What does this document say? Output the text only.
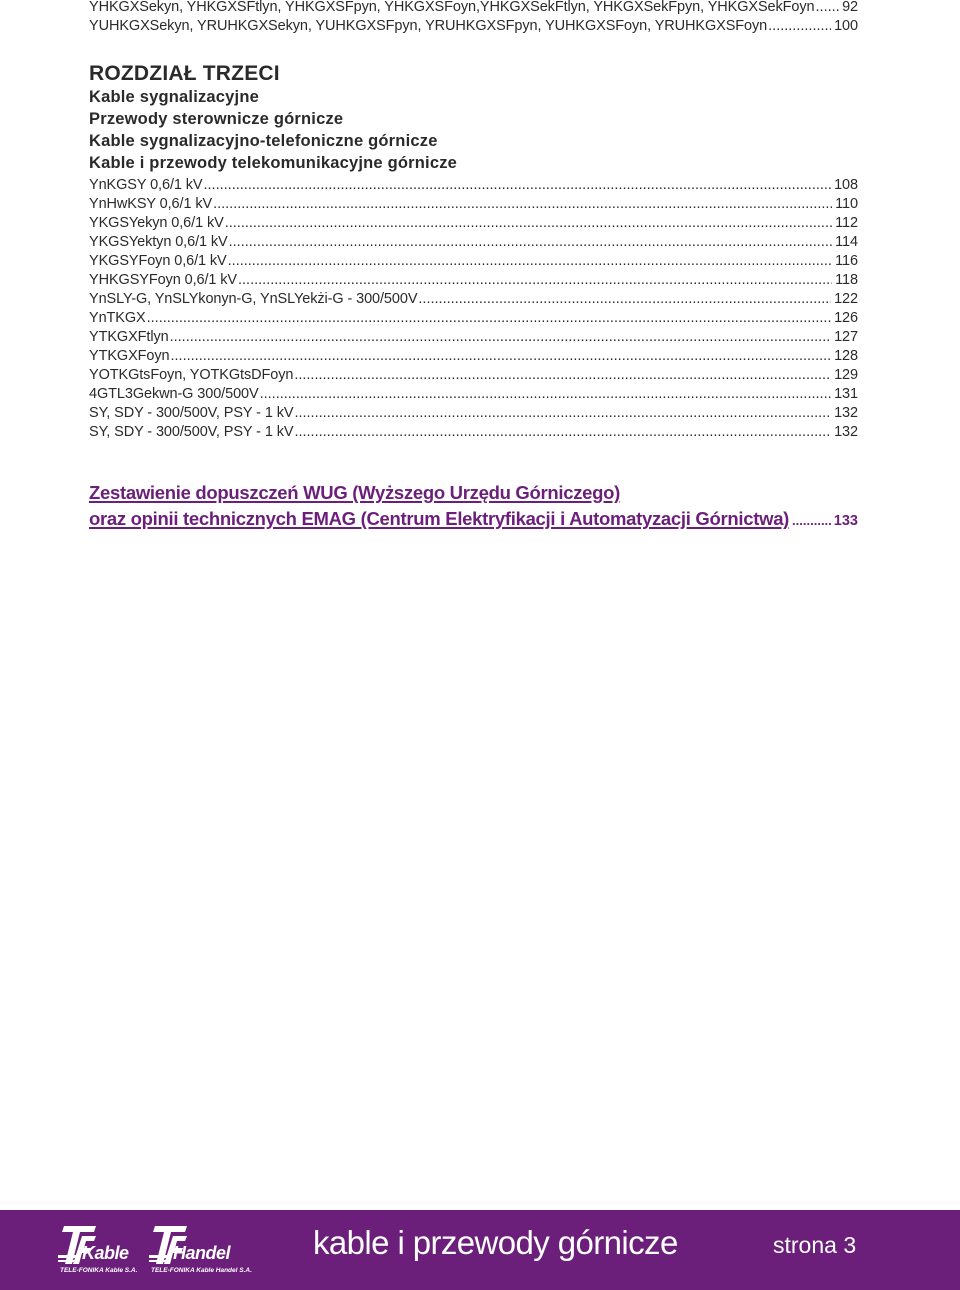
YHKGXSekyn, YHKGXSFtlyn, YHKGXSFpyn, YHKGXSFoyn,YHKGXSekFtlyn, YHKGXSekFpyn, YHKGXSekFoyn ..... 92
YUHKGXSekyn, YRUHKGXSekyn, YUHKGXSFpyn, YRUHKGXSFpyn, YUHKGXSFoyn, YRUHKGXSFoyn .....	100
ROZDZIAŁ TRZECI
Kable sygnalizacyjne
Przewody sterownicze górnicze
Kable sygnalizacyjno-telefoniczne górnicze
Kable i przewody telekomunikacyjne górnicze
YnKGSY 0,6/1 kV .....	108
YnHwKSY 0,6/1 kV .....	110
YKGSYekyn 0,6/1 kV .....	112
YKGSYektyn 0,6/1 kV .....	114
YKGSYFoyn 0,6/1 kV .....	116
YHKGSYFoyn 0,6/1 kV .....	118
YnSLY-G, YnSLYkonyn-G, YnSLYekżi-G - 300/500V .....	122
YnTKGX .....	126
YTKGXFtlyn .....	127
YTKGXFoyn .....	128
YOTKGtsFoyn, YOTKGtsDFoyn .....	129
4GTL3Gekwn-G 300/500V .....	131
SY, SDY - 300/500V, PSY - 1 kV .....	132
SY, SDY - 300/500V, PSY - 1 kV .....	132
Zestawienie dopuszczeń WUG (Wyższego Urzędu Górniczego)
oraz opinii technicznych EMAG (Centrum Elektryfikacji i Automatyzacji Górnictwa) .....	133
Kable
TELE-FONIKA Kable S.A.
Handel
TELE-FONIKA Kable Handel S.A.
kable i przewody górnicze	strona 3
